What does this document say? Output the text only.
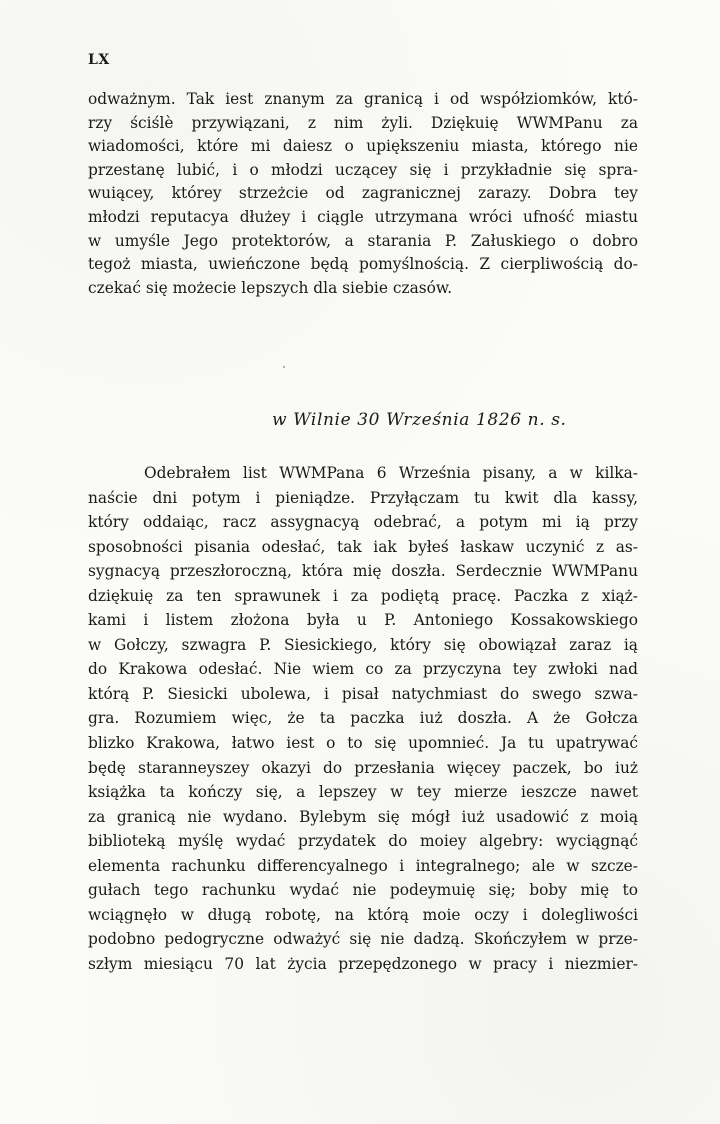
LX
odważnym. Tak iest znanym za granicą i od współziomków, któ-
rzy ściślè przywiązani, z nim żyli. Dziękuię WWMPanu za
wiadomości, które mi daiesz o upiększeniu miasta, którego nie
przestanę lubić, i o młodzi uczącey się i przykładnie się spra-
wuiącey, którey strzeżcie od zagranicznej zarazy. Dobra tey
młodzi reputacya dłużey i ciągle utrzymana wróci ufność miastu
w umyśle Jego protektorów, a starania P. Załuskiego o dobro
tegoż miasta, uwieńczone będą pomyślnością. Z cierpliwością do-
czekać się możecie lepszych dla siebie czasów.
w Wilnie 30 Września 1826 n. s.
Odebrałem list WWMPana 6 Września pisany, a w kilka-
naście dni potym i pieniądze. Przyłączam tu kwit dla kassy,
który oddaiąc, racz assygnacyą odebrać, a potym mi ią przy
sposobności pisania odesłać, tak iak byłeś łaskaw uczynić z as-
sygnacyą przeszłoroczną, która mię doszła. Serdecznie WWMPanu
dziękuię za ten sprawunek i za podiętą pracę. Paczka z xiąż-
kami i listem złożona była u P. Antoniego Kossakowskiego
w Gołczy, szwagra P. Siesickiego, który się obowiązał zaraz ią
do Krakowa odesłać. Nie wiem co za przyczyna tey zwłoki nad
którą P. Siesicki ubolewa, i pisał natychmiast do swego szwa-
gra. Rozumiem więc, że ta paczka iuż doszła. A że Gołcza
blizko Krakowa, łatwo iest o to się upomnieć. Ja tu upatrywać
będę staranneyszey okazyi do przesłania więcey paczek, bo iuż
książka ta kończy się, a lepszey w tey mierze ieszcze nawet
za granicą nie wydano. Bylebym się mógł iuż usadowić z moią
biblioteką myślę wydać przydatek do moiey algebry: wyciągnąć
elementa rachunku differencyalnego i integralnego; ale w szcze-
gułach tego rachunku wydać nie podeymuię się; boby mię to
wciągnęło w długą robotę, na którą moie oczy i dolegliwości
podobno pedogryczne odważyć się nie dadzą. Skończyłem w prze-
szłym miesiącu 70 lat życia przepędzonego w pracy i niezmier-
